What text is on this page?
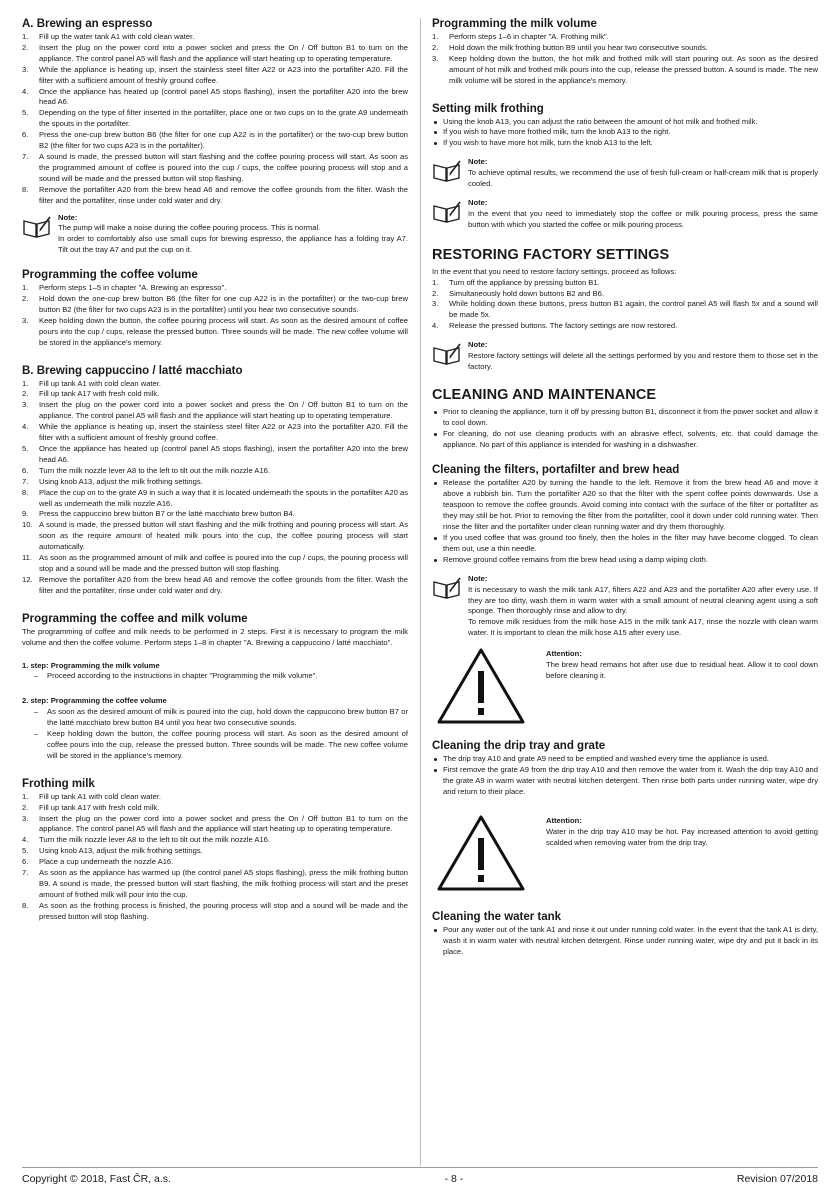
A. Brewing an espresso
1. Fill up the water tank A1 with cold clean water.
2. Insert the plug on the power cord into a power socket and press the On / Off button B1 to turn on the appliance. The control panel A5 will flash and the appliance will start heating up to operating temperature.
3. While the appliance is heating up, insert the stainless steel filter A22 or A23 into the portafilter A20. Fill the filter with a sufficient amount of freshly ground coffee.
4. Once the appliance has heated up (control panel A5 stops flashing), insert the portafilter A20 into the brew head A6.
5. Depending on the type of filter inserted in the portafilter, place one or two cups on to the grate A9 underneath the spouts in the portafilter.
6. Press the one-cup brew button B6 (the filter for one cup A22 is in the portafilter) or the two-cup brew button B2 (the filter for two cups A23 is in the portafilter).
7. A sound is made, the pressed button will start flashing and the coffee pouring process will start. As soon as the programmed amount of coffee is poured into the cup / cups, the coffee pouring process will stop and a sound will be made and the pressed button will stop flashing.
8. Remove the portafilter A20 from the brew head A6 and remove the coffee grounds from the filter. Wash the filter and the portafilter, rinse under cold water and dry.
Note:
The pump will make a noise during the coffee pouring process. This is normal.
In order to comfortably also use small cups for brewing espresso, the appliance has a folding tray A7. Tilt out the tray A7 and put the cup on it.
Programming the coffee volume
1. Perform steps 1–5 in chapter "A. Brewing an espresso".
2. Hold down the one-cup brew button B6 (the filter for one cup A22 is in the portafilter) or the two-cup brew button B2 (the filter for two cups A23 is in the portafilter) until you hear two consecutive sounds.
3. Keep holding down the button, the coffee pouring process will start. As soon as the desired amount of coffee pours into the cup / cups, release the pressed button. Three sounds will be made. The new coffee volume will be stored in the appliance's memory.
B. Brewing cappuccino / latté macchiato
1. Fill up tank A1 with cold clean water.
2. Fill up tank A17 with fresh cold milk.
3. Insert the plug on the power cord into a power socket and press the On / Off button B1 to turn on the appliance. The control panel A5 will flash and the appliance will start heating up to operating temperature.
4. While the appliance is heating up, insert the stainless steel filter A22 or A23 into the portafilter A20. Fill the filter with a sufficient amount of freshly ground coffee.
5. Once the appliance has heated up (control panel A5 stops flashing), insert the portafilter A20 into the brew head A6.
6. Turn the milk nozzle lever A8 to the left to tilt out the milk nozzle A16.
7. Using knob A13, adjust the milk frothing settings.
8. Place the cup on to the grate A9 in such a way that it is located underneath the spouts in the portafilter A20 as well as underneath the milk nozzle A16.
9. Press the cappuccino brew button B7 or the latté macchiato brew button B4.
10. A sound is made, the pressed button will start flashing and the milk frothing and pouring process will start. As soon as the require amount of heated milk pours into the cup, the coffee pouring process will start automatically.
11. As soon as the programmed amount of milk and coffee is poured into the cup / cups, the pouring process will stop and a sound will be made and the pressed button will stop flashing.
12. Remove the portafilter A20 from the brew head A6 and remove the coffee grounds from the filter. Wash the filter and the portafilter, rinse under cold water and dry.
Programming the coffee and milk volume
The programming of coffee and milk needs to be performed in 2 steps. First it is necessary to program the milk volume and then the coffee volume. Perform steps 1–8 in chapter "A. Brewing a cappuccino / latté macchiato".
1. step: Programming the milk volume
– Proceed according to the instructions in chapter "Programming the milk volume".
2. step: Programming the coffee volume
– As soon as the desired amount of milk is poured into the cup, hold down the cappuccino brew button B7 or the latté macchiato brew button B4 until you hear two consecutive sounds.
– Keep holding down the button, the coffee pouring process will start. As soon as the desired amount of coffee pours into the cup, release the pressed button. Three sounds will be made. The new coffee volume will be stored in the appliance's memory.
Frothing milk
1. Fill up tank A1 with cold clean water.
2. Fill up tank A17 with fresh cold milk.
3. Insert the plug on the power cord into a power socket and press the On / Off button B1 to turn on the appliance. The control panel A5 will flash and the appliance will start heating up to operating temperature.
4. Turn the milk nozzle lever A8 to the left to tilt out the milk nozzle A16.
5. Using knob A13, adjust the milk frothing settings.
6. Place a cup underneath the nozzle A16.
7. As soon as the appliance has warmed up (the control panel A5 stops flashing), press the milk frothing button B9. A sound is made, the pressed button will start flashing, the milk frothing process will start and the preset amount of frothed milk will pour into the cup.
8. As soon as the frothing process is finished, the pouring process will stop and a sound will be made and the pressed button will stop flashing.
Programming the milk volume
1. Perform steps 1–6 in chapter "A. Frothing milk".
2. Hold down the milk frothing button B9 until you hear two consecutive sounds.
3. Keep holding down the button, the hot milk and frothed milk will start pouring out. As soon as the desired amount of hot milk and frothed milk pours into the cup, release the pressed button. A sound is made. The new milk volume will be stored in the appliance's memory.
Setting milk frothing
Using the knob A13, you can adjust the ratio between the amount of hot milk and frothed milk.
If you wish to have more frothed milk, turn the knob A13 to the right.
If you wish to have more hot milk, turn the knob A13 to the left.
Note:
To achieve optimal results, we recommend the use of fresh full-cream or half-cream milk that is properly cooled.
Note:
In the event that you need to immediately stop the coffee or milk pouring process, press the same button with which you started the coffee or milk pouring process.
RESTORING FACTORY SETTINGS
In the event that you need to restore factory settings, proceed as follows:
1. Turn off the appliance by pressing button B1.
2. Simultaneously hold down buttons B2 and B6.
3. While holding down these buttons, press button B1 again, the control panel A5 will flash 5x and a sound will be made 5x.
4. Release the pressed buttons. The factory settings are now restored.
Note:
Restore factory settings will delete all the settings performed by you and restore them to those set in the factory.
CLEANING AND MAINTENANCE
Prior to cleaning the appliance, turn it off by pressing button B1, disconnect it from the power socket and allow it to cool down.
For cleaning, do not use cleaning products with an abrasive effect, solvents, etc. that could damage the appliance. No part of this appliance is intended for washing in a dishwasher.
Cleaning the filters, portafilter and brew head
Release the portafilter A20 by turning the handle to the left. Remove it from the brew head A6 and move it above a rubbish bin. Turn the portafilter A20 so that the filter with the spent coffee points downwards. Use a teaspoon to remove the coffee grounds. Avoid coming into contact with the surface of the filter or portafilter as they may still be hot. Prior to removing the filter from the portafilter, cool it down under cold running water. Then rinse the filter and the portafilter under clean running water and dry them thoroughly.
If you used coffee that was ground too finely, then the holes in the filter may have become clogged. To clean them out, use a thin needle.
Remove ground coffee remains from the brew head using a damp wiping cloth.
Note:
It is necessary to wash the milk tank A17, filters A22 and A23 and the portafilter A20 after every use. If they are too dirty, wash them in warm water with a small amount of neutral cleaning agent using a soft sponge. Then thoroughly rinse and allow to dry.
To remove milk residues from the milk hose A15 in the milk tank A17, rinse the nozzle with clean warm water. It is important to clean the milk hose A15 after every use.
Attention:
The brew head remains hot after use due to residual heat. Allow it to cool down before cleaning it.
Cleaning the drip tray and grate
The drip tray A10 and grate A9 need to be emptied and washed every time the appliance is used.
First remove the grate A9 from the drip tray A10 and then remove the water from it. Wash the drip tray A10 and the grate A9 in warm water with neutral kitchen detergent. Then rinse both parts under running water, wipe dry and return to their place.
Attention:
Water in the drip tray A10 may be hot. Pay increased attention to avoid getting scalded when removing water from the drip tray.
Cleaning the water tank
Pour any water out of the tank A1 and rinse it out under running cold water. In the event that the tank A1 is dirty, wash it in warm water with neutral kitchen detergent. Rinse under running water, wipe dry and put it back in its place.
Copyright © 2018, Fast ČR, a.s.	- 8 -	Revision 07/2018
